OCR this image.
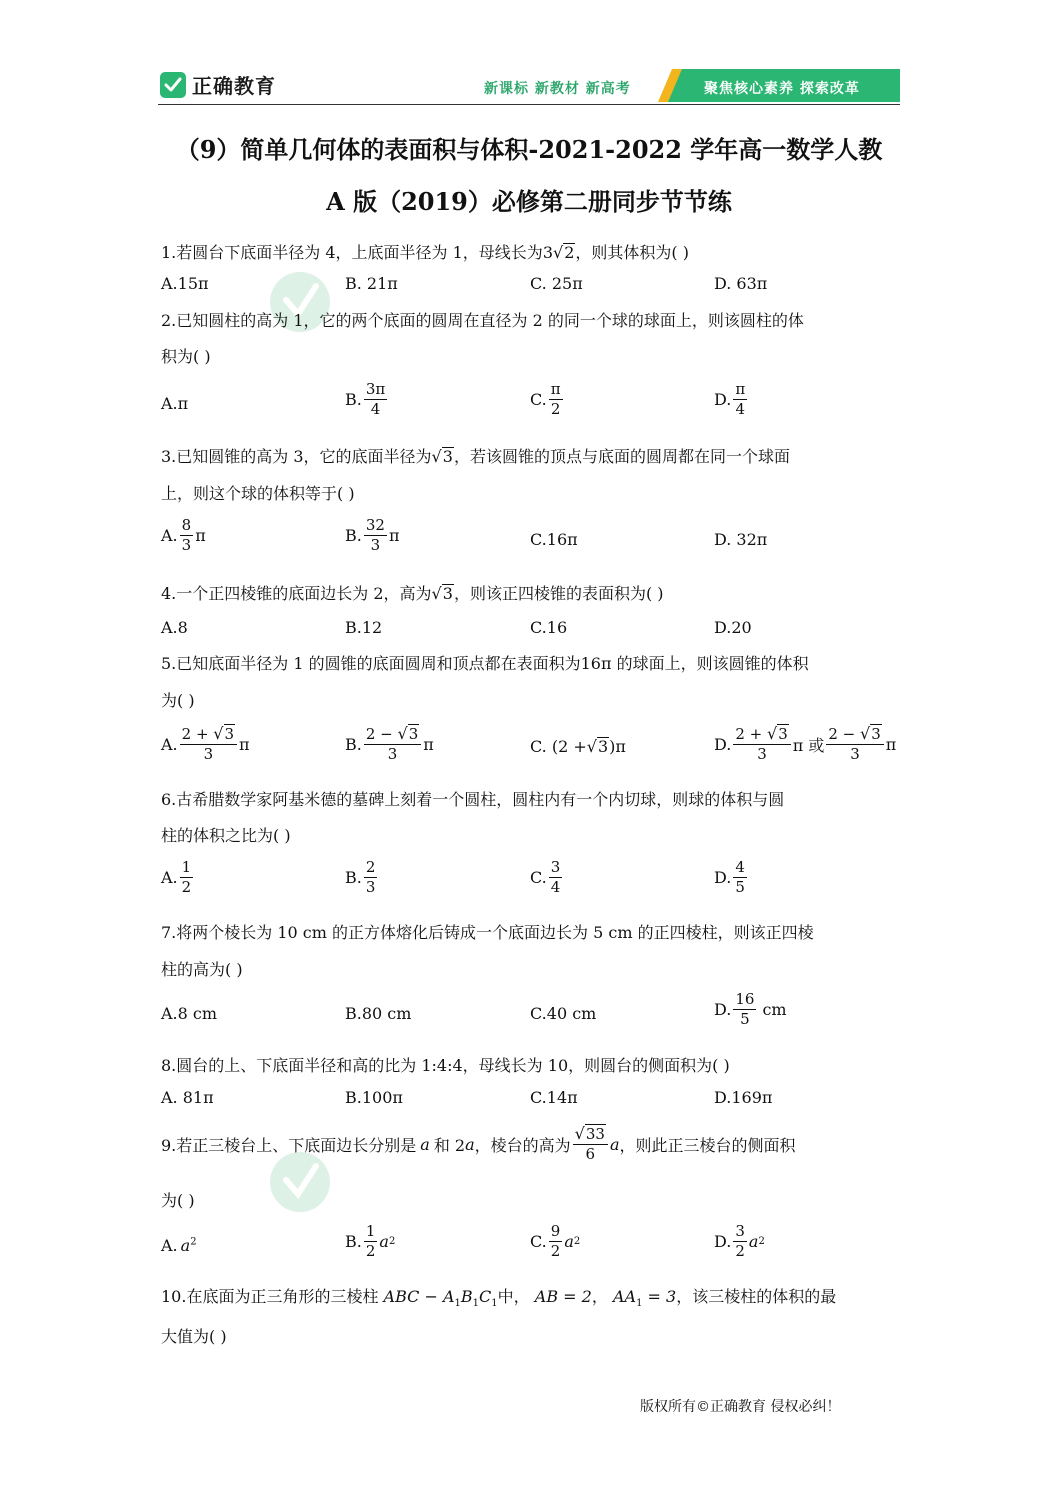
正确教育	新课标 新教材 新高考	聚焦核心素养 探索改革
（9）简单几何体的表面积与体积-2021-2022 学年高一数学人教
A 版（2019）必修第二册同步节节练
1.若圆台下底面半径为 4，上底面半径为 1，母线长为3 √ 2 ，则其体积为( )
A.15π	B. 21π	C. 25π	D. 63π
2.已知圆柱的高为 1，它的两个底面的圆周在直径为 2 的同一个球的球面上，则该圆柱的体
积为( )
A.π	B. $\frac{3\pi}{4}$	C. $\frac{\pi}{2}$	D. $\frac{\pi}{4}$
3.已知圆锥的高为 3，它的底面半径为 √ 3 ，若该圆锥的顶点与底面的圆周都在同一个球面
上，则这个球的体积等于( )
A. $\frac{8}{3}$ π	B. $\frac{32}{3}$ π	C.16π	D. 32π
4.一个正四棱锥的底面边长为 2，高为 √ 3 ，则该正四棱锥的表面积为( )
A.8	B.12	C.16	D.20
5.已知底面半径为 1 的圆锥的底面圆周和顶点都在表面积为16π 的球面上，则该圆锥的体积
为( )
A. $\frac{2 + √ 3}{3}$ π	B. $\frac{2 - √ 3}{3}$ π	C. (2 + √ 3 )π	D. $\frac{2 + √ 3}{3}$ π 或 $\frac{2 - √ 3}{3}$ π
6.古希腊数学家阿基米德的墓碑上刻着一个圆柱，圆柱内有一个内切球，则球的体积与圆
柱的体积之比为( )
A. $\frac{1}{2}$	B. $\frac{2}{3}$	C. $\frac{3}{4}$	D. $\frac{4}{5}$
7.将两个棱长为 10 cm 的正方体熔化后铸成一个底面边长为 5 cm 的正四棱柱，则该正四棱
柱的高为( )
A.8 cm	B.80 cm	C.40 cm	D. $\frac{16}{5}$ cm
8.圆台的上、下底面半径和高的比为 1:4:4，母线长为 10，则圆台的侧面积为( )
A. 81π	B.100π	C.14π	D.169π
9.若正三棱台上、下底面边长分别是 a 和 2 a ，棱台的高为 $\frac{√ 33}{6}$ a ，则此正三棱台的侧面积
为( )
A. $a^2$	B. $\frac{1}{2}$ a 2	C. $\frac{9}{2}$ a 2	D. $\frac{3}{2}$ a 2
10.在底面为正三角形的三棱柱 ABC − $A_1B_1C_1$中， AB = 2， $AA_1 = 3$，该三棱柱的体积的最
大值为( )
版权所有©正确教育 侵权必纠！
